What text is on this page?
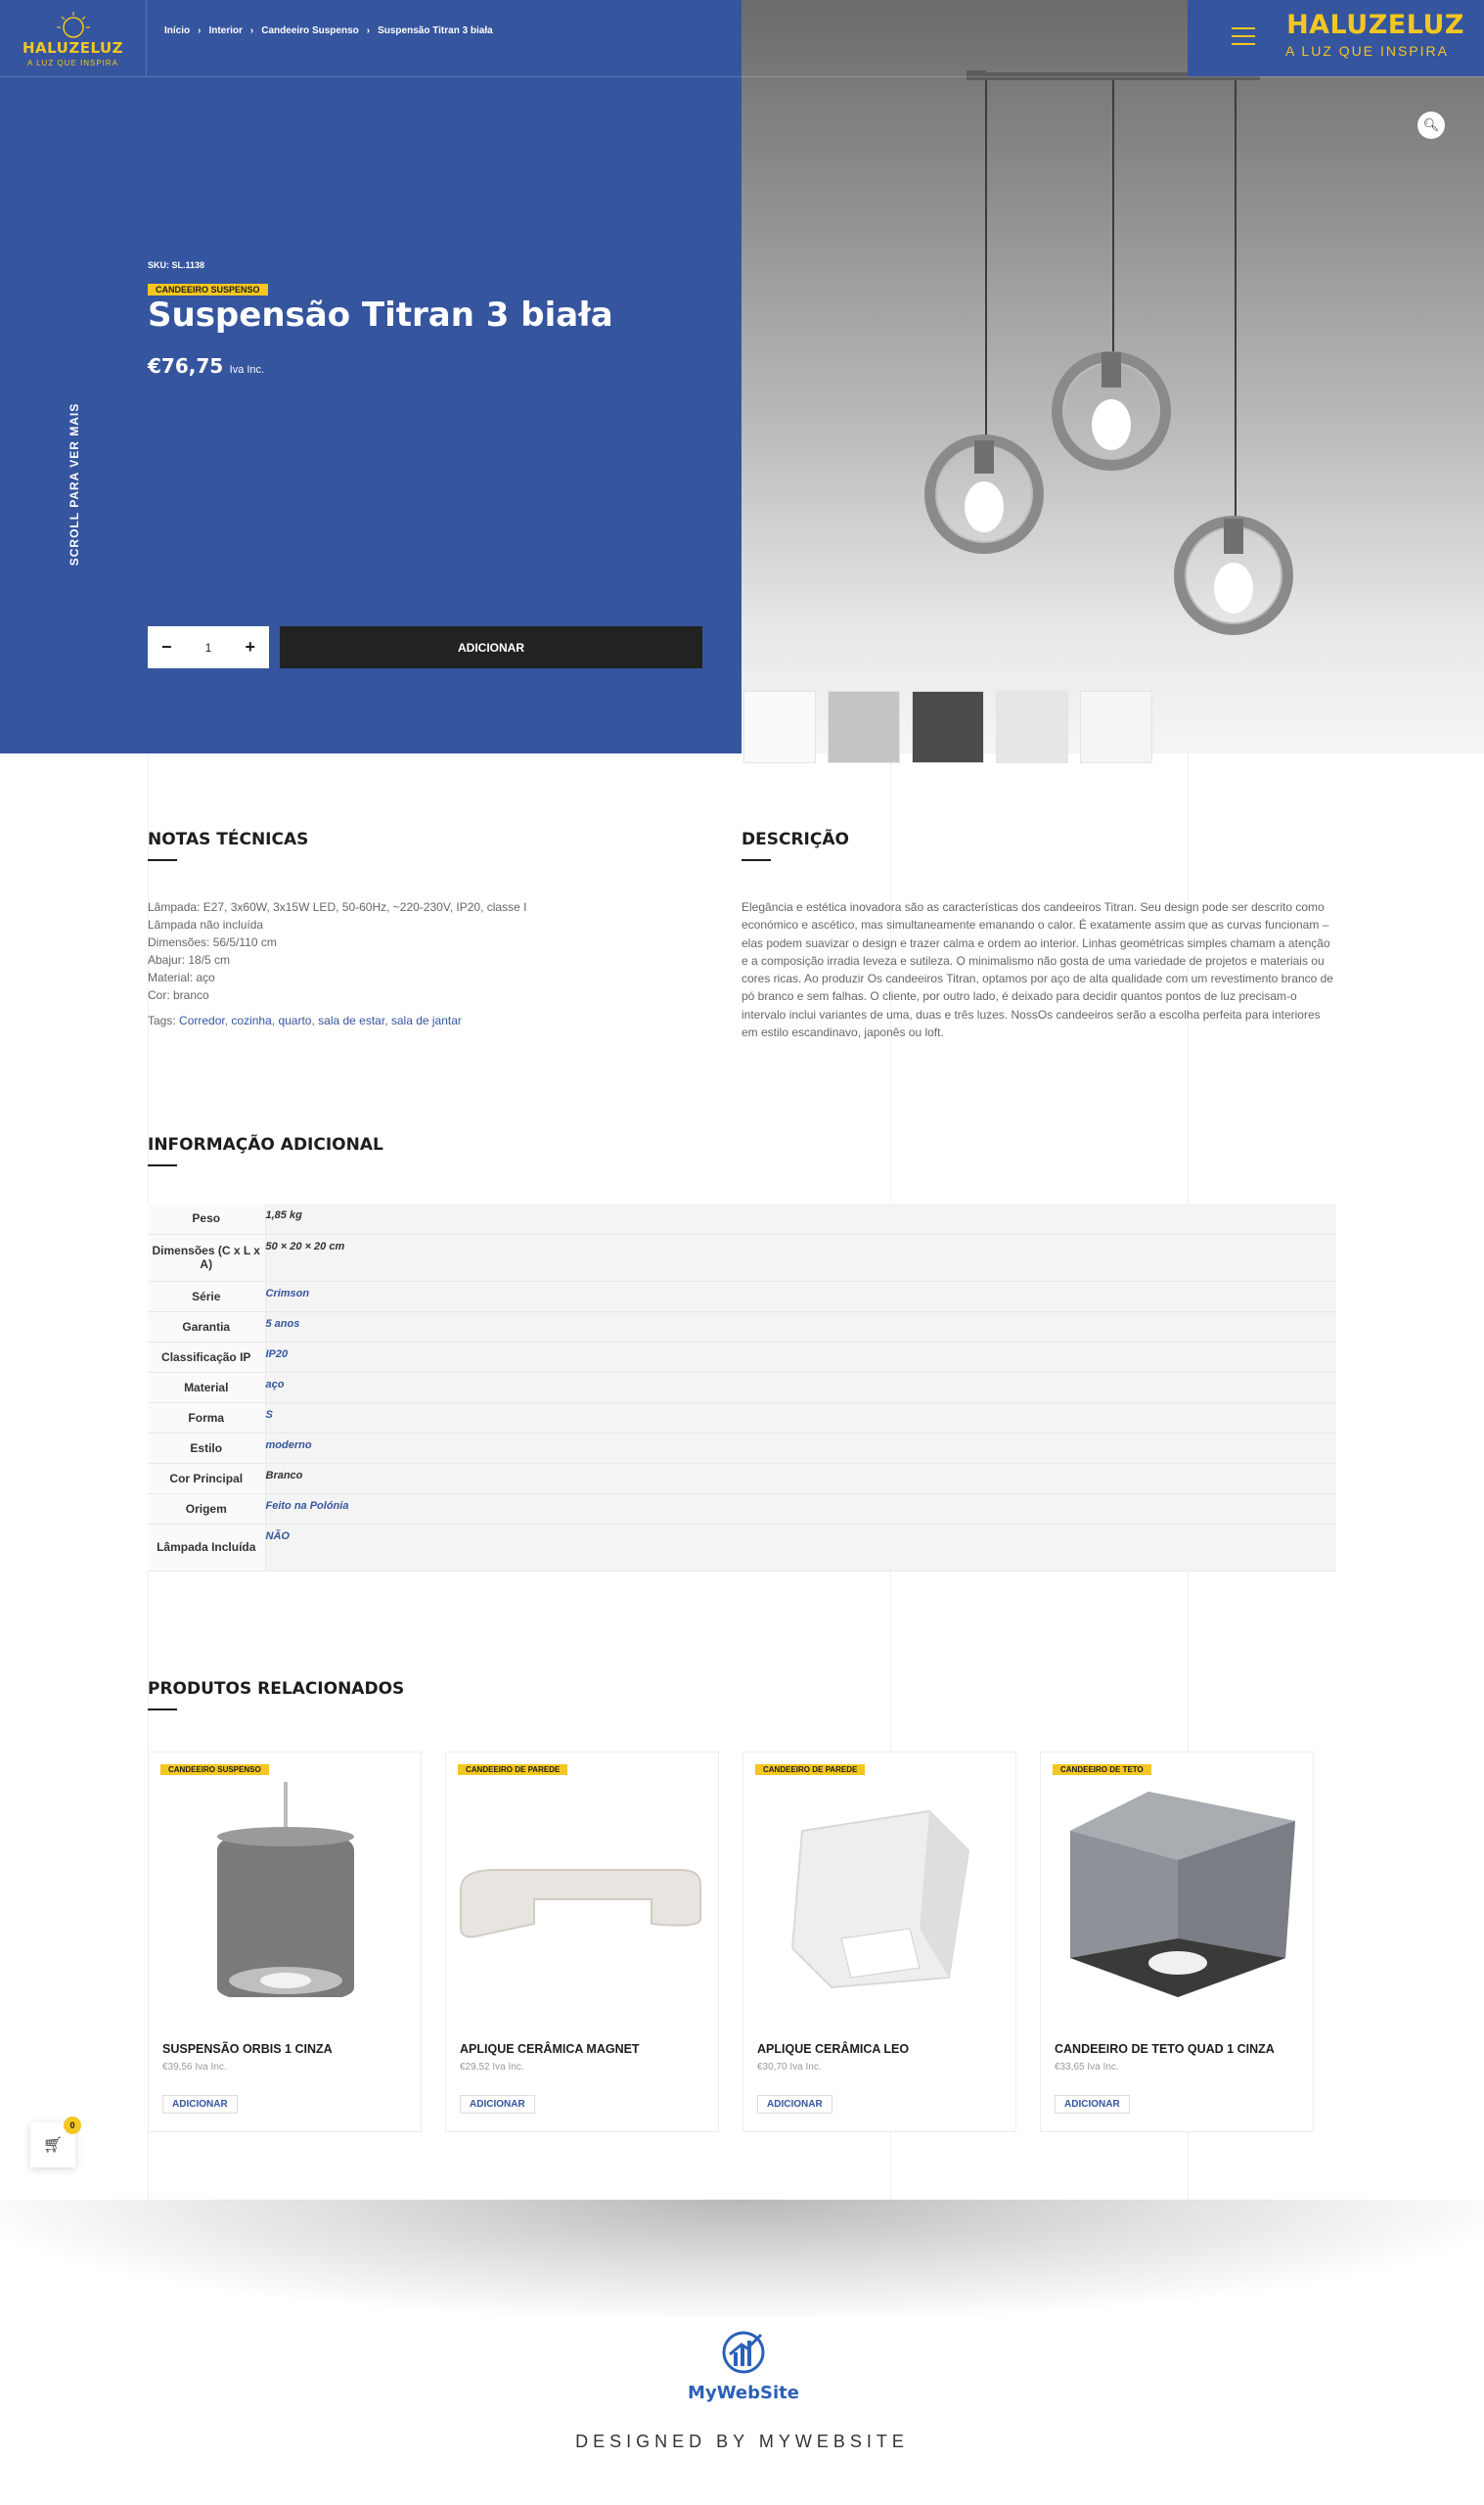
HALUZELUZ
A LUZ QUE INSPIRA
Início › Interior › Candeeiro Suspenso › Suspensão Titran 3 biała	HALUZELUZ
A LUZ QUE INSPIRA
🔍︎
SKU: SL.1138
CANDEEIRO SUSPENSO
Suspensão Titran 3 biała
€76,75 Iva Inc.
SCROLL PARA VER MAIS
−	1 +	ADICIONAR
NOTAS TÉCNICAS
Lâmpada: E27, 3x60W, 3x15W LED, 50-60Hz, ~220-230V, IP20, classe I
Lâmpada não incluída
Dimensões: 56/5/110 cm
Abajur: 18/5 cm
Material: aço
Cor: branco
Tags: Corredor, cozinha, quarto, sala de estar, sala de jantar
DESCRIÇÃO

Elegância e estética inovadora são as características dos candeeiros Titran. Seu design pode ser descrito como económico e ascético, mas simultaneamente emanando o calor. É exatamente assim que as curvas funcionam – elas podem suavizar o design e trazer calma e ordem ao interior. Linhas geométricas simples chamam a atenção e a composição irradia leveza e sutileza. O minimalismo não gosta de uma variedade de projetos e materiais ou cores ricas. Ao produzir Os candeeiros Titran, optamos por aço de alta qualidade com um revestimento branco de pó branco e sem falhas. O cliente, por outro lado, é deixado para decidir quantos pontos de luz precisam-o intervalo inclui variantes de uma, duas e três luzes. NossOs candeeiros serão a escolha perfeita para interiores em estilo escandinavo, japonês ou loft.

INFORMAÇÃO ADICIONAL
Peso	1,85 kg
Dimensões (C x L x A)	50 × 20 × 20 cm
Série	Crimson
Garantia	5 anos
Classificação IP	IP20
Material	aço
Forma	S
Estilo	moderno
Cor Principal	Branco
Origem	Feito na Polónia
Lâmpada Incluída	NÃO
PRODUTOS RELACIONADOS
CANDEEIRO SUSPENSO
SUSPENSÃO ORBIS 1 CINZA
€39,56 Iva Inc.
ADICIONAR
CANDEEIRO DE PAREDE
APLIQUE CERÂMICA MAGNET
€29,52 Iva Inc.
ADICIONAR
CANDEEIRO DE PAREDE
APLIQUE CERÂMICA LEO
€30,70 Iva Inc.
ADICIONAR
CANDEEIRO DE TETO
CANDEEIRO DE TETO QUAD 1 CINZA
€33,65 Iva Inc.
ADICIONAR
🛒︎
0
MyWebSite
DESIGNED BY MYWEBSITE
